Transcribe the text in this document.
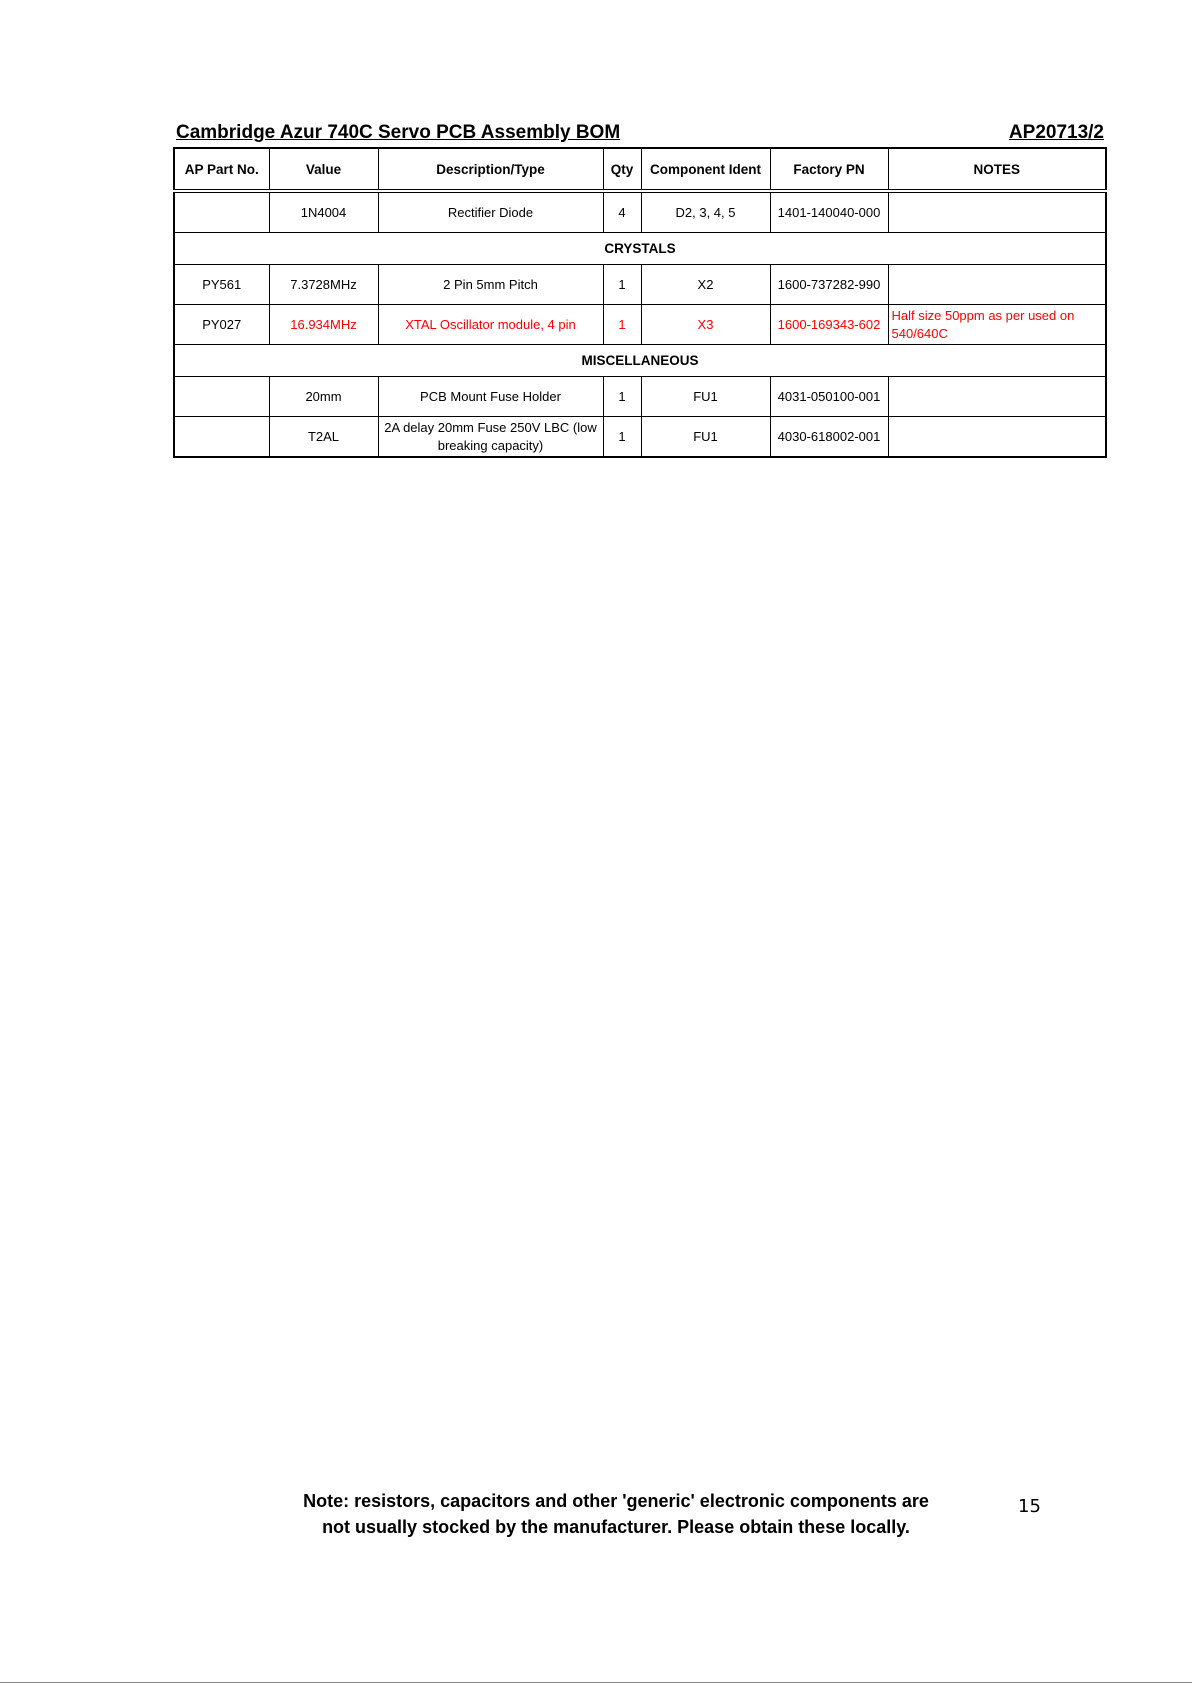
Cambridge Azur 740C Servo PCB Assembly BOM	AP20713/2
AP Part No.	Value	Description/Type	Qty	Component Ident	Factory PN	NOTES
	1N4004	Rectifier Diode	4	D2, 3, 4, 5	1401-140040-000	
CRYSTALS						
PY561	7.3728MHz	2 Pin 5mm Pitch	1	X2	1600-737282-990	
PY027	16.934MHz	XTAL Oscillator module, 4 pin	1	X3	1600-169343-602	Half size 50ppm as per used on 540/640C
MISCELLANEOUS						
	20mm	PCB Mount Fuse Holder	1	FU1	4031-050100-001	
	T2AL	2A delay 20mm Fuse 250V LBC (low breaking capacity)	1	FU1	4030-618002-001	
Note: resistors, capacitors and other 'generic' electronic components are
not usually stocked by the manufacturer. Please obtain these locally.
15
